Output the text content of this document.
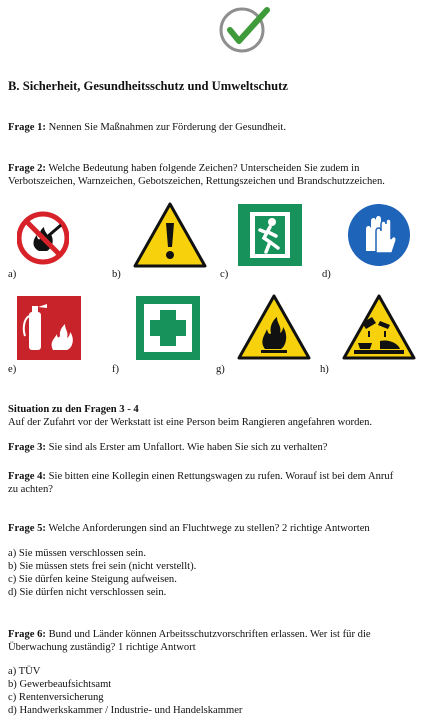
B. Sicherheit, Gesundheitsschutz und Umweltschutz
Frage 1: Nennen Sie Maßnahmen zur Förderung der Gesundheit.
Frage 2: Welche Bedeutung haben folgende Zeichen? Unterscheiden Sie zudem in
Verbotszeichen, Warnzeichen, Gebotszeichen, Rettungszeichen und Brandschutzzeichen.
a)	b)	c)	d)
e)	f)	g)	h)
Situation zu den Fragen 3 - 4
Auf der Zufahrt vor der Werkstatt ist eine Person beim Rangieren angefahren worden.
Frage 3: Sie sind als Erster am Unfallort. Wie haben Sie sich zu verhalten?
Frage 4: Sie bitten eine Kollegin einen Rettungswagen zu rufen. Worauf ist bei dem Anruf
zu achten?
Frage 5: Welche Anforderungen sind an Fluchtwege zu stellen? 2 richtige Antworten
a) Sie müssen verschlossen sein.
b) Sie müssen stets frei sein (nicht verstellt).
c) Sie dürfen keine Steigung aufweisen.
d) Sie dürfen nicht verschlossen sein.
Frage 6: Bund und Länder können Arbeitsschutzvorschriften erlassen. Wer ist für die
Überwachung zuständig? 1 richtige Antwort
a) TÜV
b) Gewerbeaufsichtsamt
c) Rentenversicherung
d) Handwerkskammer / Industrie- und Handelskammer
